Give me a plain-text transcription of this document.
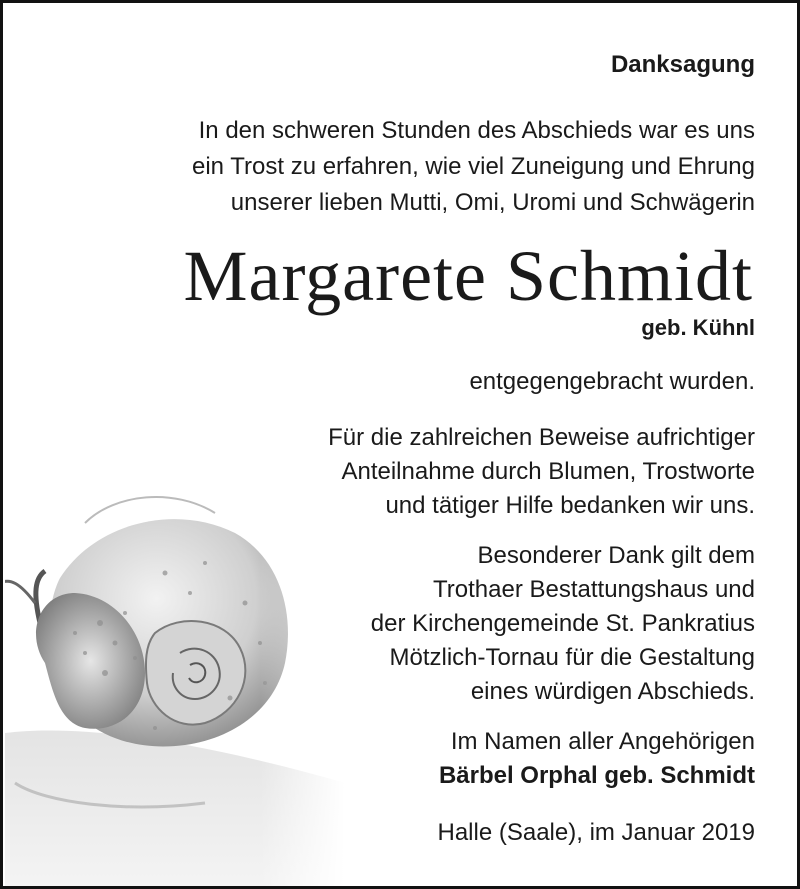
Danksagung

In den schweren Stunden des Abschieds war es uns
ein Trost zu erfahren, wie viel Zuneigung und Ehrung
unserer lieben Mutti, Omi, Uromi und Schwägerin
Margarete Schmidt

geb. Kühnl

entgegengebracht wurden.

Für die zahlreichen Beweise aufrichtiger
Anteilnahme durch Blumen, Trostworte
und tätiger Hilfe bedanken wir uns.
Besonderer Dank gilt dem
Trothaer Bestattungshaus und
der Kirchengemeinde St. Pankratius
Mötzlich-Tornau für die Gestaltung
eines würdigen Abschieds.
Im Namen aller Angehörigen
Bärbel Orphal geb. Schmidt

Halle (Saale), im Januar 2019
